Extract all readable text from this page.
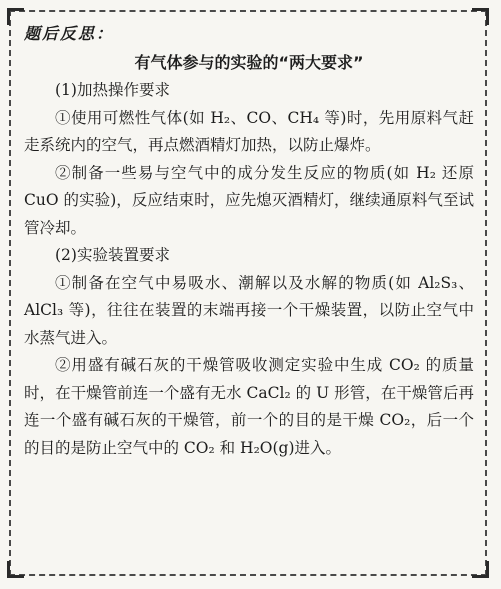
题后反思：
有气体参与的实验的“两大要求”

(1)加热操作要求

①使用可燃性气体(如 H₂、CO、CH₄ 等)时，先用原料气赶走系统内的空气，再点燃酒精灯加热，以防止爆炸。

②制备一些易与空气中的成分发生反应的物质(如 H₂ 还原 CuO 的实验)，反应结束时，应先熄灭酒精灯，继续通原料气至试管冷却。

(2)实验装置要求

①制备在空气中易吸水、潮解以及水解的物质(如 Al₂S₃、AlCl₃ 等)，往往在装置的末端再接一个干燥装置，以防止空气中水蒸气进入。

②用盛有碱石灰的干燥管吸收测定实验中生成 CO₂ 的质量时，在干燥管前连一个盛有无水 CaCl₂ 的 U 形管，在干燥管后再连一个盛有碱石灰的干燥管，前一个的目的是干燥 CO₂，后一个的目的是防止空气中的 CO₂ 和 H₂O(g)进入。
